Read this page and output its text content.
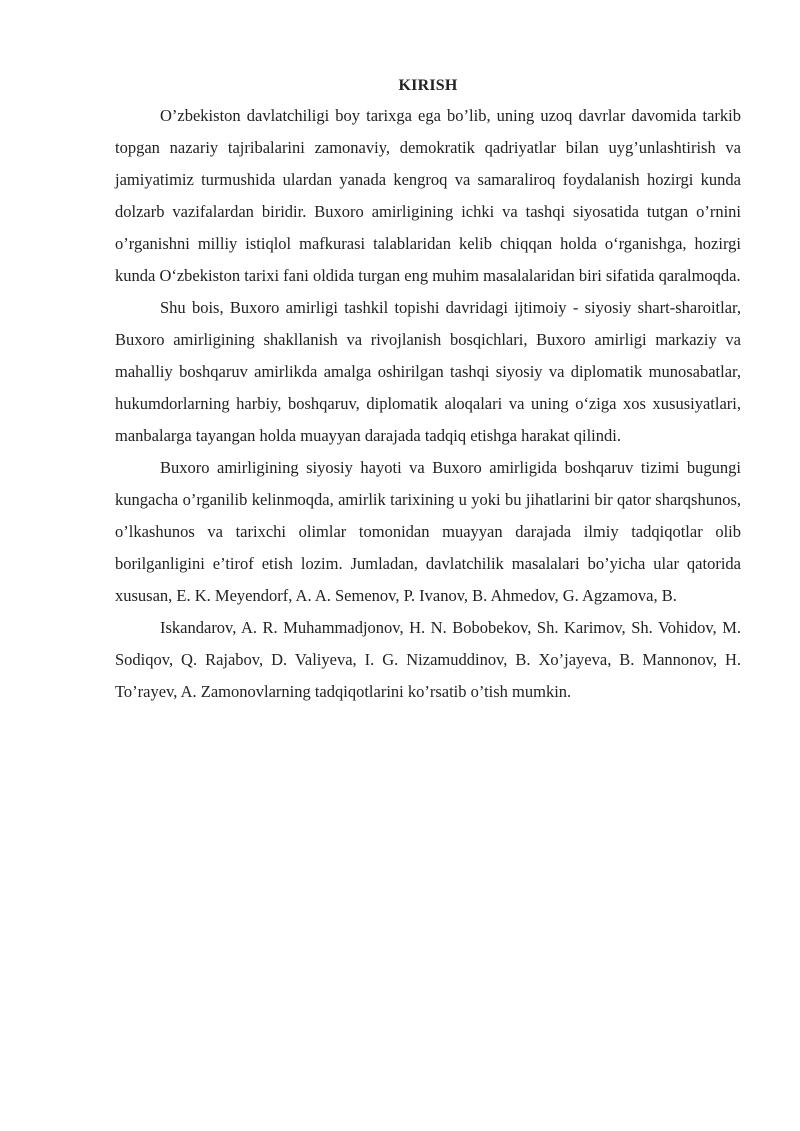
KIRISH

O’zbekiston davlatchiligi boy tarixga ega bo’lib, uning uzoq davrlar davomida tarkib topgan nazariy tajribalarini zamonaviy, demokratik qadriyatlar bilan uyg’unlashtirish va jamiyatimiz turmushida ulardan yanada kengroq va samaraliroq foydalanish hozirgi kunda dolzarb vazifalardan biridir. Buxoro amirligining ichki va tashqi siyosatida tutgan o’rnini o’rganishni milliy istiqlol mafkurasi talablaridan kelib chiqqan holda o‘rganishga, hozirgi kunda O‘zbekiston tarixi fani oldida turgan eng muhim masalalaridan biri sifatida qaralmoqda.

Shu bois, Buxoro amirligi tashkil topishi davridagi ijtimoiy - siyosiy shart-sharoitlar, Buxoro amirligining shakllanish va rivojlanish bosqichlari, Buxoro amirligi markaziy va mahalliy boshqaruv amirlikda amalga oshirilgan tashqi siyosiy va diplomatik munosabatlar, hukumdorlarning harbiy, boshqaruv, diplomatik aloqalari va uning o‘ziga xos xususiyatlari, manbalarga tayangan holda muayyan darajada tadqiq etishga harakat qilindi.

Buxoro amirligining siyosiy hayoti va Buxoro amirligida boshqaruv tizimi bugungi kungacha o’rganilib kelinmoqda, amirlik tarixining u yoki bu jihatlarini bir qator sharqshunos, o’lkashunos va tarixchi olimlar tomonidan muayyan darajada ilmiy tadqiqotlar olib borilganligini e’tirof etish lozim. Jumladan, davlatchilik masalalari bo’yicha ular qatorida xususan, E. K. Meyendorf, A. A. Semenov, P. Ivanov, B. Ahmedov, G. Agzamova, B.

Iskandarov, A. R. Muhammadjonov, H. N. Bobobekov, Sh. Karimov, Sh. Vohidov, M. Sodiqov, Q. Rajabov, D. Valiyeva, I. G. Nizamuddinov, B. Xo’jayeva, B. Mannonov, H. To’rayev, A. Zamonovlarning tadqiqotlarini ko’rsatib o’tish mumkin.
